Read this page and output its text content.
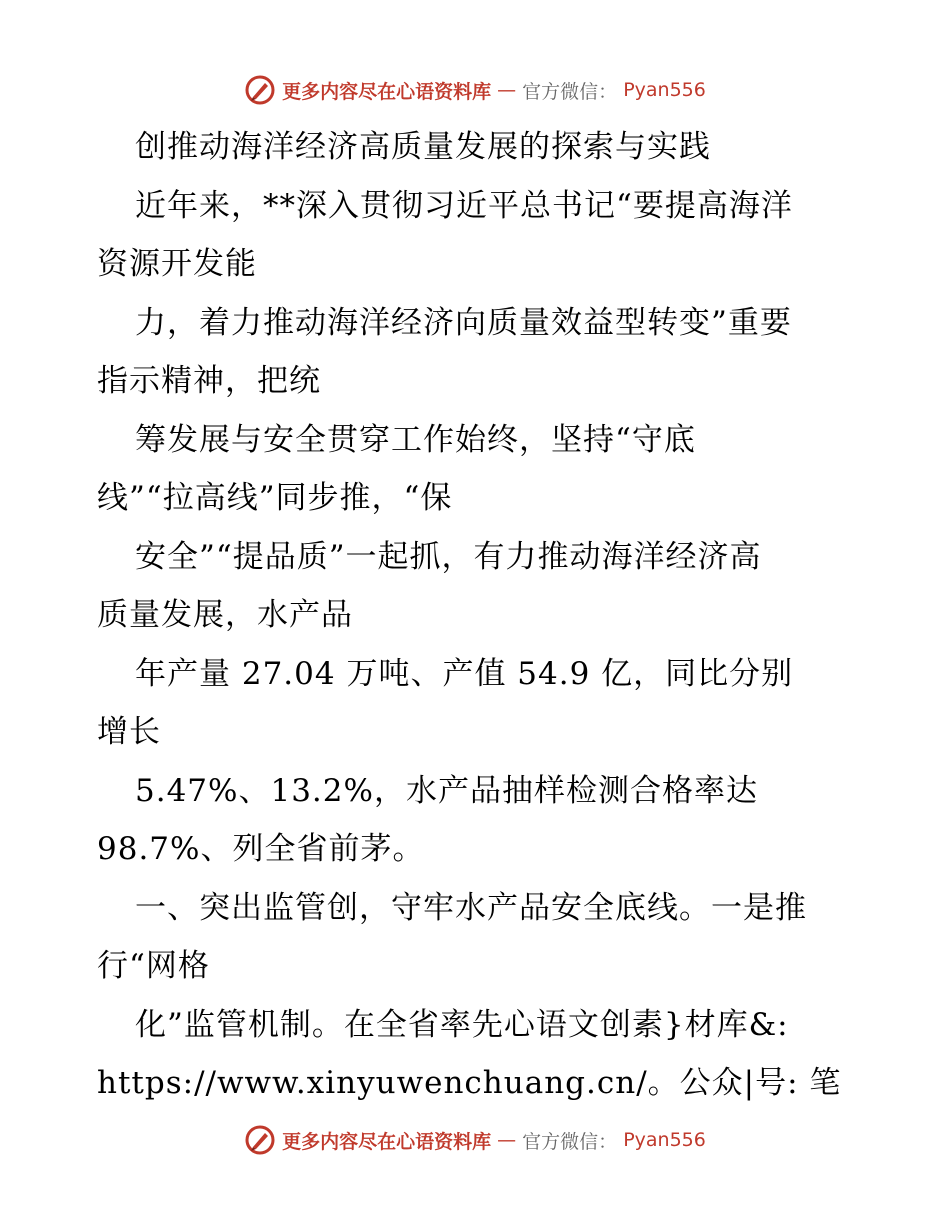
更多内容尽在心语资料库 — 官方微信： Pyan556
创推动海洋经济高质量发展的探索与实践
近年来，**深入贯彻习近平总书记“要提高海洋
资源开发能
力，着力推动海洋经济向质量效益型转变”重要
指示精神，把统
筹发展与安全贯穿工作始终，坚持“守底
线”“拉高线”同步推，“保
安全”“提品质”一起抓，有力推动海洋经济高
质量发展，水产品
年产量 27.04 万吨、产值 54.9 亿，同比分别
增长
5.47%、13.2%，水产品抽样检测合格率达
98.7%、列全省前茅。
一、突出监管创，守牢水产品安全底线。一是推
行“网格
化”监管机制。在全省率先心语文创素}材库&:
https://www.xinyuwenchuang.cn/。公众|号: 笔
更多内容尽在心语资料库 — 官方微信： Pyan556
